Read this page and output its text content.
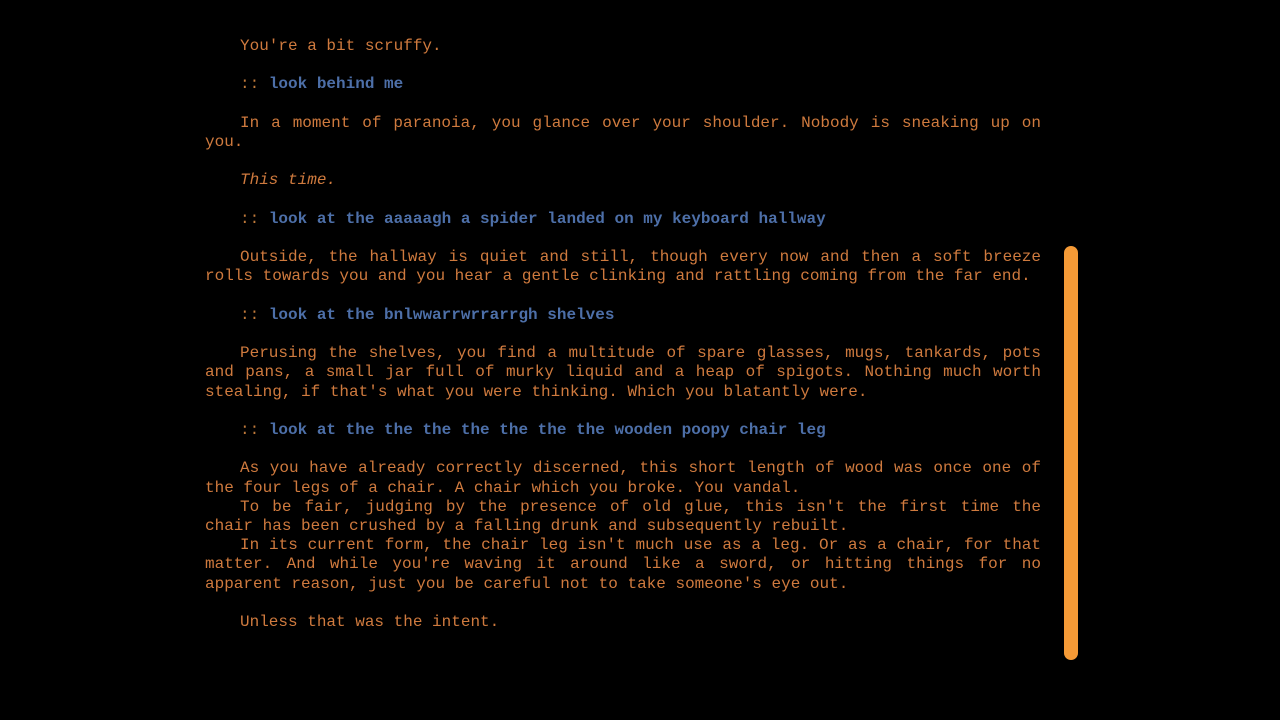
You're a bit scruffy.

:: look behind me

In a moment of paranoia, you glance over your shoulder. Nobody is sneaking up on you.

This time.

:: look at the aaaaagh a spider landed on my keyboard hallway

Outside, the hallway is quiet and still, though every now and then a soft breeze rolls towards you and you hear a gentle clinking and rattling coming from the far end.

:: look at the bnlwwarrwrrarrgh shelves

Perusing the shelves, you find a multitude of spare glasses, mugs, tankards, pots and pans, a small jar full of murky liquid and a heap of spigots. Nothing much worth stealing, if that's what you were thinking. Which you blatantly were.

:: look at the the the the the the the wooden poopy chair leg

As you have already correctly discerned, this short length of wood was once one of the four legs of a chair. A chair which you broke. You vandal.

To be fair, judging by the presence of old glue, this isn't the first time the chair has been crushed by a falling drunk and subsequently rebuilt.

In its current form, the chair leg isn't much use as a leg. Or as a chair, for that matter. And while you're waving it around like a sword, or hitting things for no apparent reason, just you be careful not to take someone's eye out.

Unless that was the intent.
